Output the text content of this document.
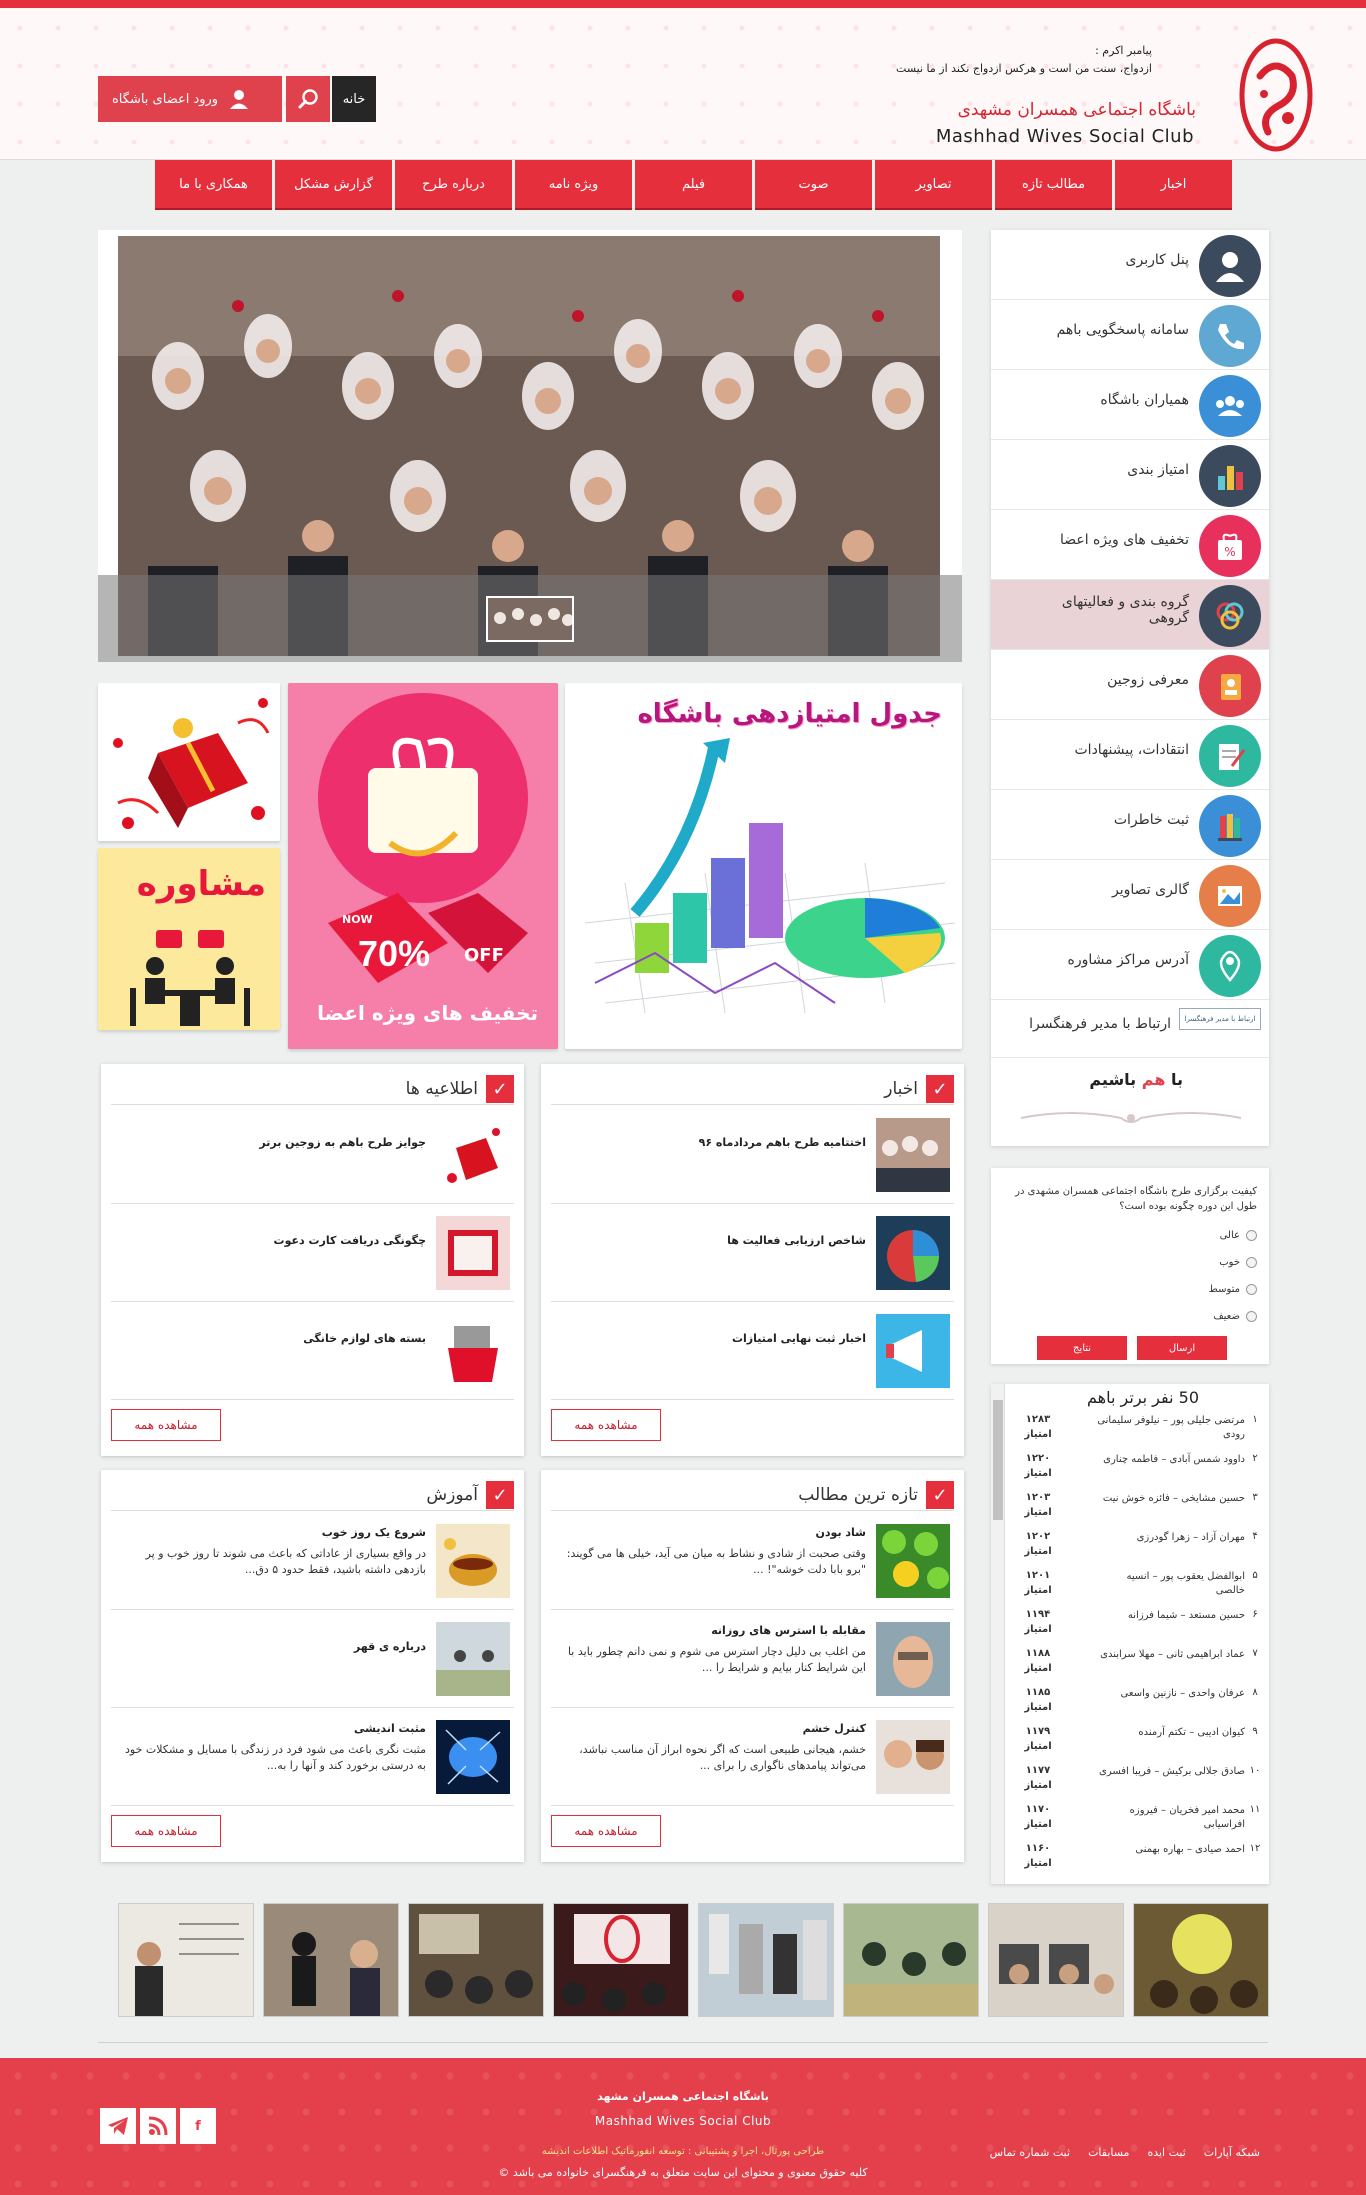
پیامبر اکرم :
ازدواج، سنت من است و هرکس ازدواج نکند از ما نیست
باشگاه اجتماعی همسران مشهدی
Mashhad Wives Social Club
خانه
ورود اعضای باشگاه
اخبار
مطالب تازه
تصاویر
صوت
فیلم
ویژه نامه
درباره طرح
گزارش مشکل
همکاری با ما
جدول امتیازدهی باشگاه
NOW
70% OFF
تخفیف های ویژه اعضا
مشاوره
✓
اطلاعیه ها
جوایز طرح باهم به زوجین برتر
چگونگی دریافت کارت دعوت
بسته های لوازم خانگی
مشاهده همه
✓
اخبار
اختتامیه طرح باهم مردادماه ۹۶
شاخص ارزیابی فعالیت ها
اخبار ثبت نهایی امتیازات
مشاهده همه
✓
آموزش
شروع یک روز خوب
در واقع بسیاری از عاداتی که باعث می شوند تا روز خوب و پر بازدهی داشته باشید، فقط حدود ۵ دق...
درباره ی قهر
مثبت اندیشی
مثبت نگری باعث می شود فرد در زندگی با مسایل و مشکلات خود به درستی برخورد کند و آنها را به...
مشاهده همه
✓
تازه ترین مطالب
شاد بودن
وقتی صحبت از شادی و نشاط به میان می آید، خیلی ها می گویند: "برو بابا دلت خوشه"! ...
مقابله با استرس های روزانه
من اغلب بی دلیل دچار استرس می شوم و نمی دانم چطور باید با این شرایط کنار بیایم و شرایط را ...
کنترل خشم
خشم، هیجانی طبیعی است که اگر نحوه ابراز آن مناسب نباشد، می‌تواند پیامدهای ناگواری را برای ...
مشاهده همه
پنل کاربری
سامانه پاسخگویی باهم
همیاران باشگاه
امتیاز بندی
%
تخفیف های ویژه اعضا
گروه بندی و فعالیتهای گروهی
معرفی زوجین
انتقادات، پیشنهادات
ثبت خاطرات
گالری تصاویر
آدرس مراکز مشاوره
ارتباط با مدیر فرهنگسرا
ارتباط با مدیر فرهنگسرا
با هم باشیم
کیفیت برگزاری طرح باشگاه اجتماعی همسران مشهدی در طول این دوره چگونه بوده است؟
عالی
خوب
متوسط
ضعیف
ارسال
نتایج
50 نفر برتر باهم
۱
مرتضی جلیلی پور – نیلوفر سلیمانی رودی
۱۲۸۳
امتیاز
۲
داوود شمس آبادی – فاطمه چناری
۱۲۲۰
امتیاز
۳
حسین مشایخی – فائزه خوش نیت
۱۲۰۳
امتیاز
۴
مهران آزاد – زهرا گودرزی
۱۲۰۲
امتیاز
۵
ابوالفضل یعقوب پور – انسیه خالصی
۱۲۰۱
امتیاز
۶
حسین مستعد – شیما فرزانه
۱۱۹۴
امتیاز
۷
عماد ابراهیمی ثانی – مهلا سرابندی
۱۱۸۸
امتیاز
۸
عرفان واحدی – نازنین واسعی
۱۱۸۵
امتیاز
۹
کیوان ادیبی – تکتم آرمنده
۱۱۷۹
امتیاز
۱۰
صادق جلالی برکیش – فریبا افسری
۱۱۷۷
امتیاز
۱۱
محمد امیر فخریان – فیروزه افراسیابی
۱۱۷۰
امتیاز
۱۲
احمد صیادی – بهاره بهمنی
۱۱۶۰
امتیاز
باشگاه اجتماعی همسران مشهد
Mashhad Wives Social Club
ثبت شماره تماس مسابقات ثبت ایده شبکه آپارات
طراحی پورتال، اجرا و پشتیبانی : توسعه انفورماتیک اطلاعات اندیشه
کلیه حقوق معنوی و محتوای این سایت متعلق به فرهنگسرای خانواده می باشد ©
f
